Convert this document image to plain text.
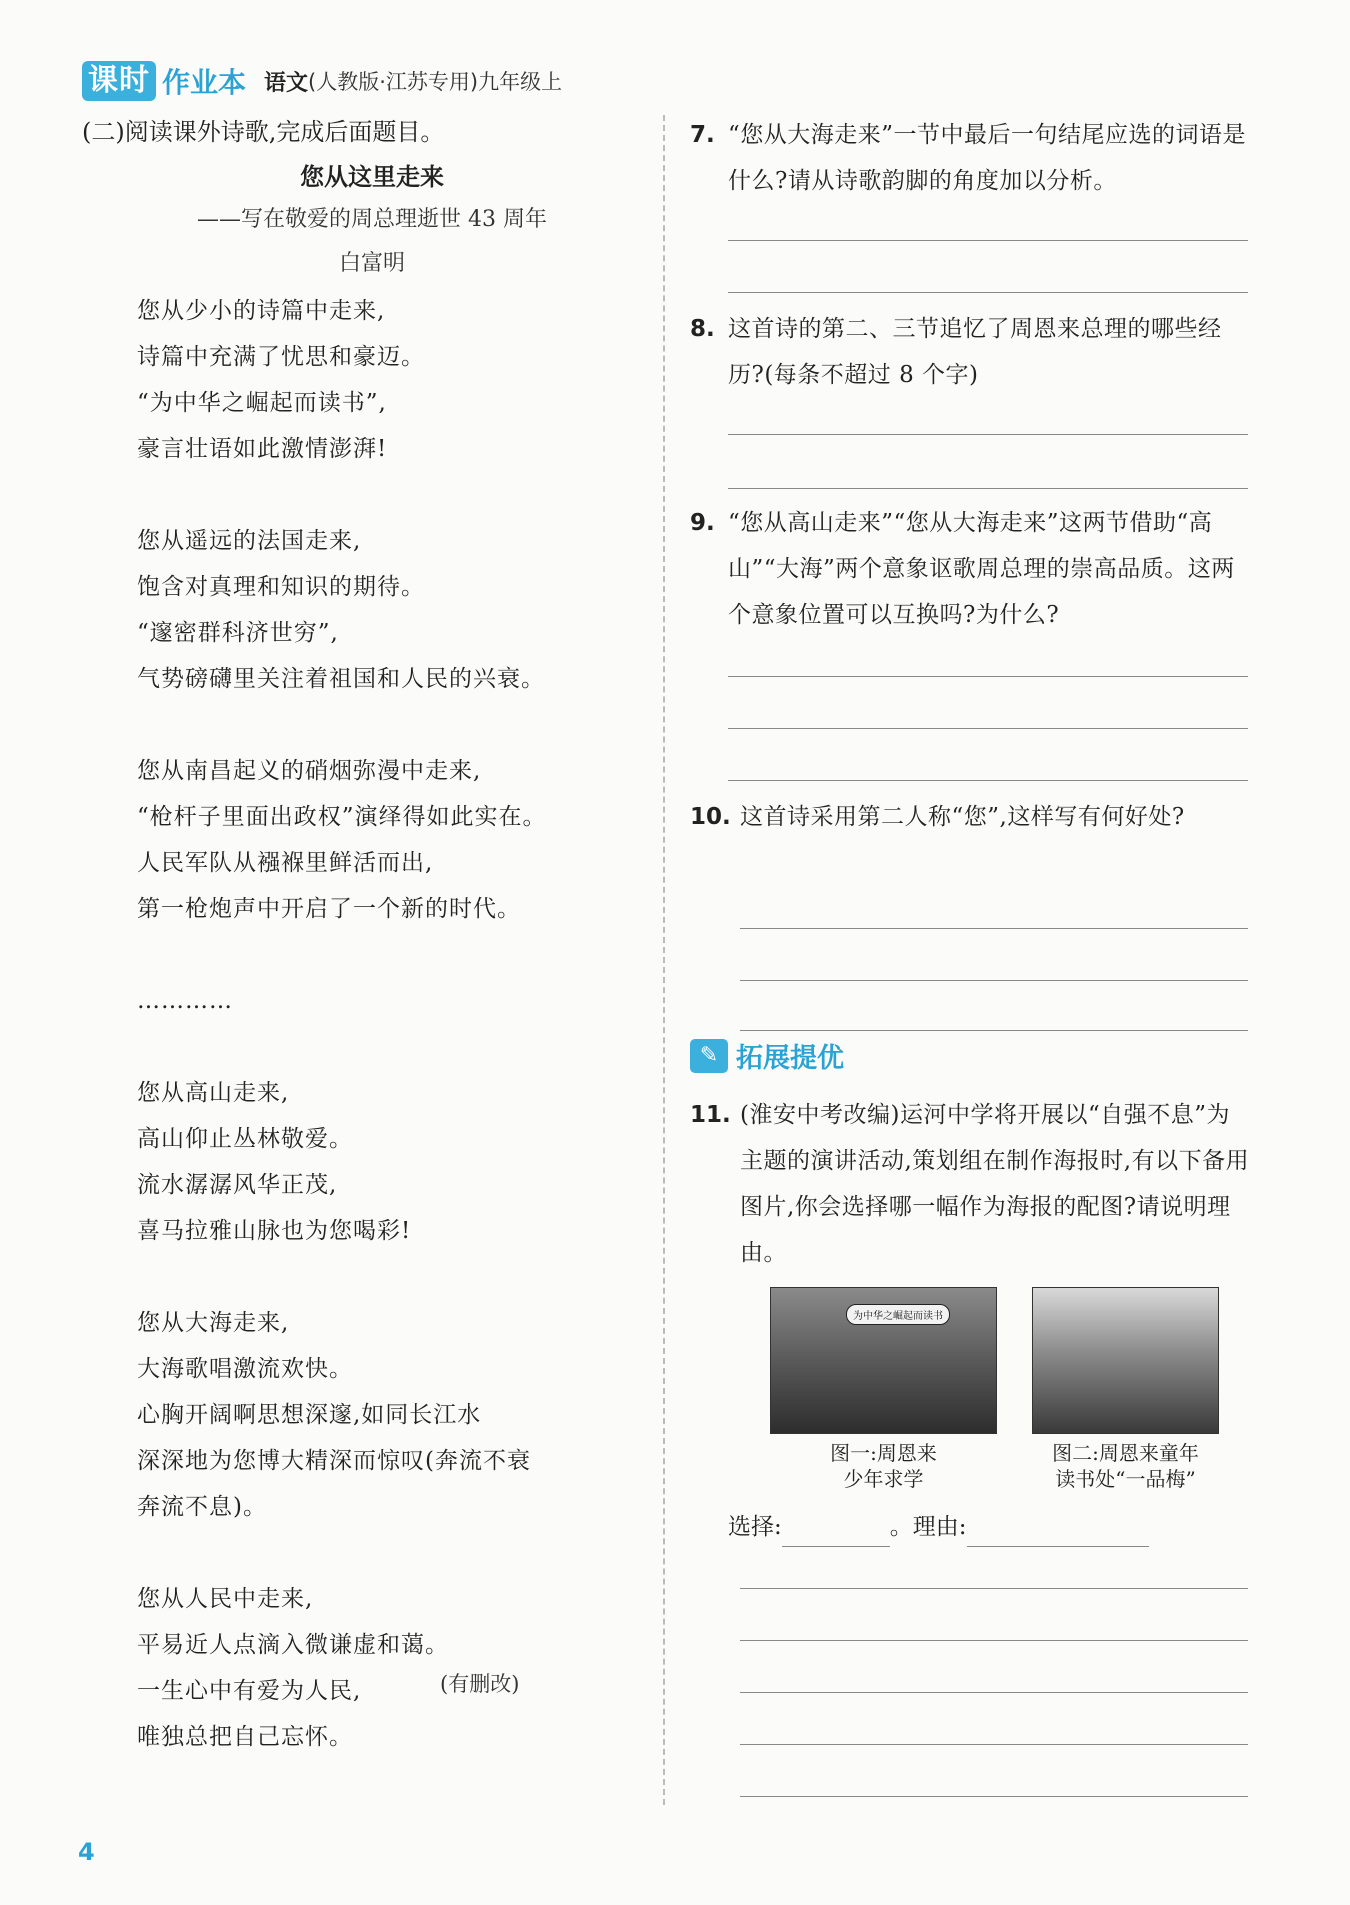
课时 作业本 语文 (人教版·江苏专用)九年级上
(二)阅读课外诗歌,完成后面题目。
您从这里走来
——写在敬爱的周总理逝世 43 周年
白富明
您从少小的诗篇中走来,
诗篇中充满了忧思和豪迈。
“为中华之崛起而读书”,
豪言壮语如此激情澎湃!
您从遥远的法国走来,
饱含对真理和知识的期待。
“邃密群科济世穷”,
气势磅礴里关注着祖国和人民的兴衰。
您从南昌起义的硝烟弥漫中走来,
“枪杆子里面出政权”演绎得如此实在。
人民军队从襁褓里鲜活而出,
第一枪炮声中开启了一个新的时代。
…………
您从高山走来,
高山仰止丛林敬爱。
流水潺潺风华正茂,
喜马拉雅山脉也为您喝彩!
您从大海走来,
大海歌唱激流欢快。
心胸开阔啊思想深邃,如同长江水
深深地为您博大精深而惊叹(奔流不衰
奔流不息)。
您从人民中走来,
平易近人点滴入微谦虚和蔼。
一生心中有爱为人民,
唯独总把自己忘怀。
(有删改)
7. “您从大海走来”一节中最后一句结尾应选的词语是什么?请从诗歌韵脚的角度加以分析。
8. 这首诗的第二、三节追忆了周恩来总理的哪些经历?(每条不超过 8 个字)
9. “您从高山走来”“您从大海走来”这两节借助“高山”“大海”两个意象讴歌周总理的崇高品质。这两个意象位置可以互换吗?为什么?
10. 这首诗采用第二人称“您”,这样写有何好处?
✎ 拓展提优
11. (淮安中考改编)运河中学将开展以“自强不息”为主题的演讲活动,策划组在制作海报时,有以下备用图片,你会选择哪一幅作为海报的配图?请说明理由。
为中华之崛起而读书
图一:周恩来
少年求学
图二:周恩来童年
读书处“一品梅”
选择:	。理由:
4
